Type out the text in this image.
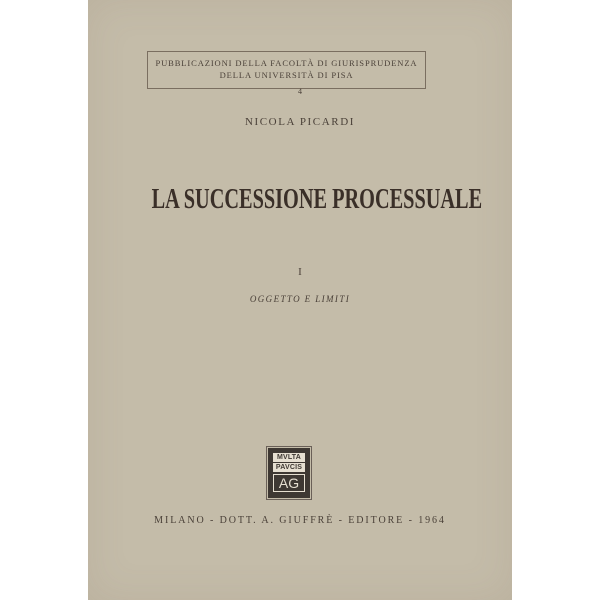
PUBBLICAZIONI DELLA FACOLTÀ DI GIURISPRUDENZA
DELLA UNIVERSITÀ DI PISA
4
NICOLA PICARDI
LA SUCCESSIONE PROCESSUALE
I
OGGETTO E LIMITI
MVLTA
PAVCIS
AG
MILANO - DOTT. A. GIUFFRÈ - EDITORE - 1964
